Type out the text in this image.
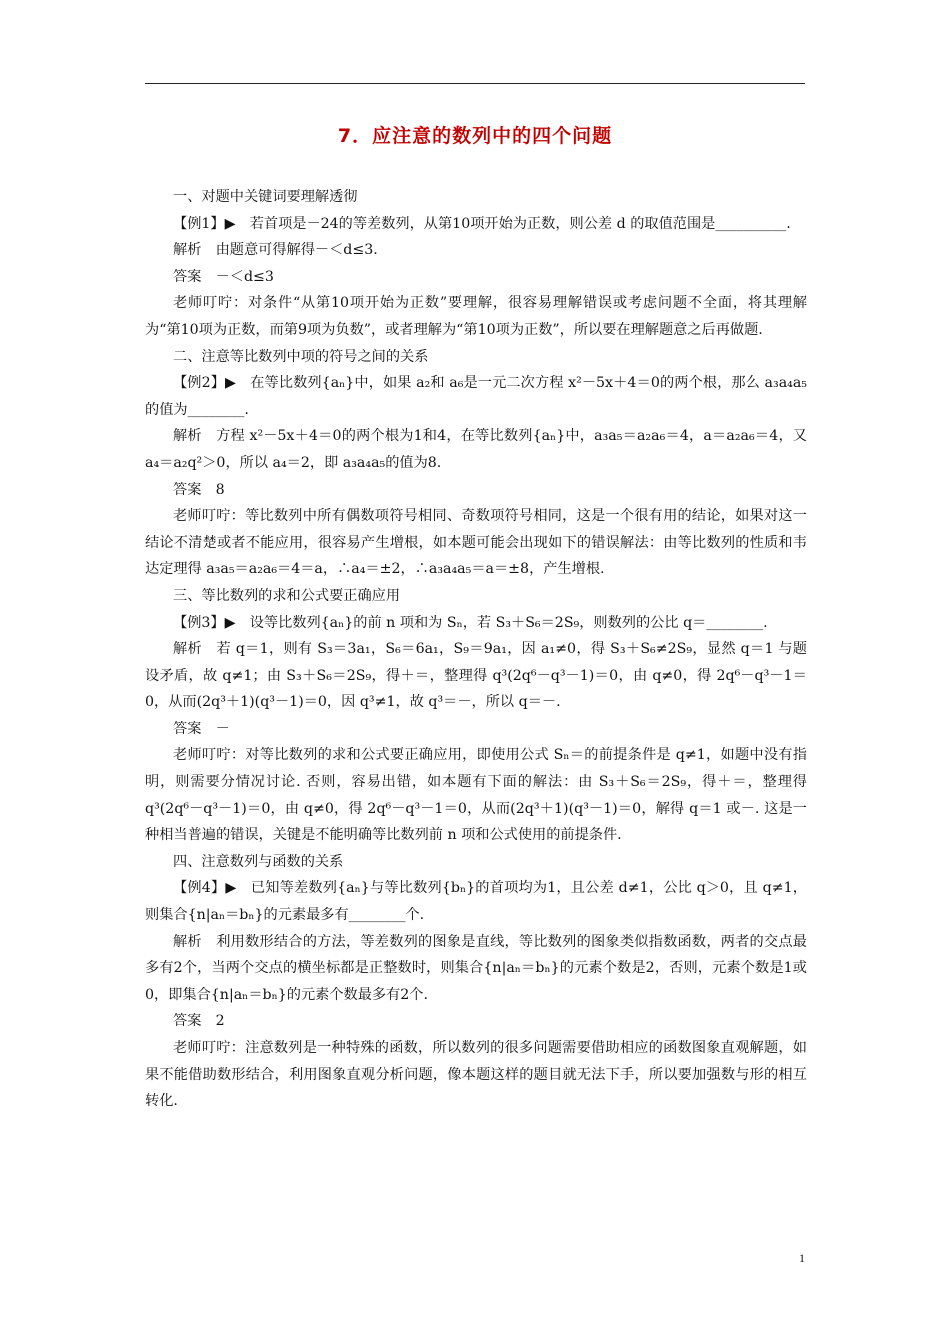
7．应注意的数列中的四个问题

一、对题中关键词要理解透彻

【例1】▶　若首项是－24的等差数列，从第10项开始为正数，则公差 d 的取值范围是__________.

解析　由题意可得解得－＜d≤3.

答案　－＜d≤3

老师叮咛：对条件“从第10项开始为正数”要理解，很容易理解错误或考虑问题不全面，将其理解为“第10项为正数，而第9项为负数”，或者理解为“第10项为正数”，所以要在理解题意之后再做题.

二、注意等比数列中项的符号之间的关系

【例2】▶　在等比数列{aₙ}中，如果 a₂和 a₆是一元二次方程 x²－5x＋4＝0的两个根，那么 a₃a₄a₅的值为________.

解析　方程 x²－5x＋4＝0的两个根为1和4，在等比数列{aₙ}中，a₃a₅＝a₂a₆＝4，a＝a₂a₆＝4，又 a₄＝a₂q²＞0，所以 a₄＝2，即 a₃a₄a₅的值为8.

答案　8

老师叮咛：等比数列中所有偶数项符号相同、奇数项符号相同，这是一个很有用的结论，如果对这一结论不清楚或者不能应用，很容易产生增根，如本题可能会出现如下的错误解法：由等比数列的性质和韦达定理得 a₃a₅＝a₂a₆＝4＝a，∴a₄＝±2，∴a₃a₄a₅＝a＝±8，产生增根.

三、等比数列的求和公式要正确应用

【例3】▶　设等比数列{aₙ}的前 n 项和为 Sₙ，若 S₃＋S₆＝2S₉，则数列的公比 q＝________.

解析　若 q＝1，则有 S₃＝3a₁，S₆＝6a₁，S₉＝9a₁，因 a₁≠0，得 S₃＋S₆≠2S₉，显然 q＝1 与题设矛盾，故 q≠1；由 S₃＋S₆＝2S₉，得＋＝，整理得 q³(2q⁶－q³－1)＝0，由 q≠0，得 2q⁶－q³－1＝0，从而(2q³＋1)(q³－1)＝0，因 q³≠1，故 q³＝－，所以 q＝－.

答案　－

老师叮咛：对等比数列的求和公式要正确应用，即使用公式 Sₙ＝的前提条件是 q≠1，如题中没有指明，则需要分情况讨论. 否则，容易出错，如本题有下面的解法：由 S₃＋S₆＝2S₉，得＋＝，整理得 q³(2q⁶－q³－1)＝0，由 q≠0，得 2q⁶－q³－1＝0，从而(2q³＋1)(q³－1)＝0，解得 q＝1 或－. 这是一种相当普遍的错误，关键是不能明确等比数列前 n 项和公式使用的前提条件.

四、注意数列与函数的关系

【例4】▶　已知等差数列{aₙ}与等比数列{bₙ}的首项均为1，且公差 d≠1，公比 q＞0，且 q≠1，则集合{n|aₙ＝bₙ}的元素最多有________个.

解析　利用数形结合的方法，等差数列的图象是直线，等比数列的图象类似指数函数，两者的交点最多有2个，当两个交点的横坐标都是正整数时，则集合{n|aₙ＝bₙ}的元素个数是2，否则，元素个数是1或0，即集合{n|aₙ＝bₙ}的元素个数最多有2个.

答案　2

老师叮咛：注意数列是一种特殊的函数，所以数列的很多问题需要借助相应的函数图象直观解题，如果不能借助数形结合，利用图象直观分析问题，像本题这样的题目就无法下手，所以要加强数与形的相互转化.

1
